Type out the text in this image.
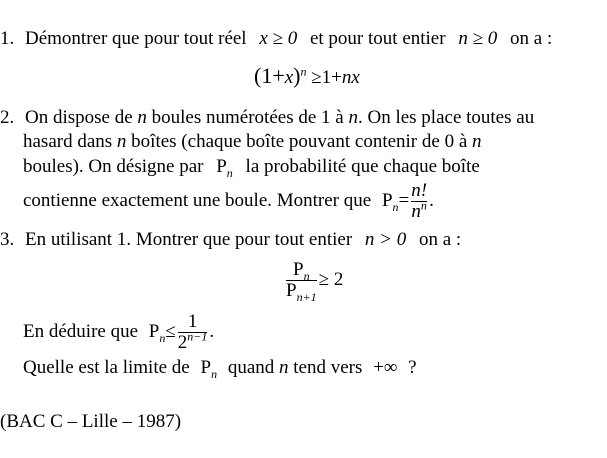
1. Démontrer que pour tout réel x ≥ 0 et pour tout entier n ≥ 0 on a :
$(1+x)^n \ge 1+nx$
2. On dispose de n boules numérotées de 1 à n. On les place toutes au
hasard dans n boîtes (chaque boîte pouvant contenir de 0 à n
boules). On désigne par $P_n$ la probabilité que chaque boîte
contienne exactement une boule. Montrer que $P_n= \frac{n!}{n^n}$ .
3. En utilisant 1. Montrer que pour tout entier n > 0 on a :
$\frac{P_n}{P_{n+1}} \ge 2$
En déduire que $P_n\le \frac{1}{2^{n-1}}$ .
Quelle est la limite de $P_n$ quand n tend vers +∞ ?
(BAC C – Lille – 1987)
